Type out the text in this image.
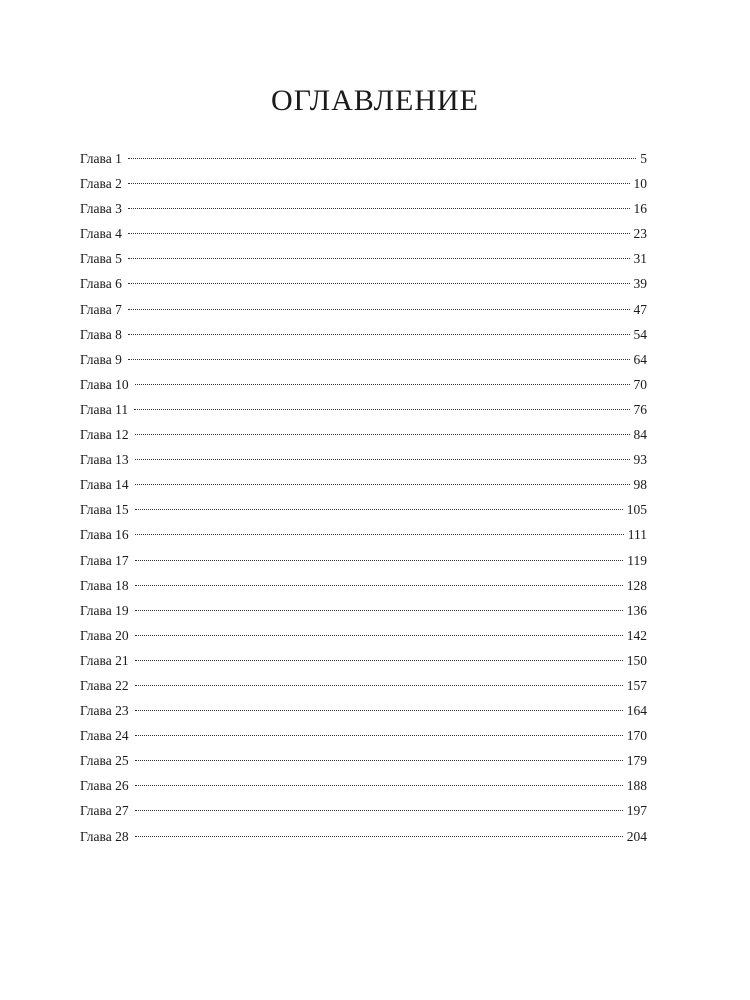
ОГЛАВЛЕНИЕ
Глава 1	5
Глава 2	10
Глава 3	16
Глава 4	23
Глава 5	31
Глава 6	39
Глава 7	47
Глава 8	54
Глава 9	64
Глава 10	70
Глава 11	76
Глава 12	84
Глава 13	93
Глава 14	98
Глава 15	105
Глава 16	111
Глава 17	119
Глава 18	128
Глава 19	136
Глава 20	142
Глава 21	150
Глава 22	157
Глава 23	164
Глава 24	170
Глава 25	179
Глава 26	188
Глава 27	197
Глава 28	204
